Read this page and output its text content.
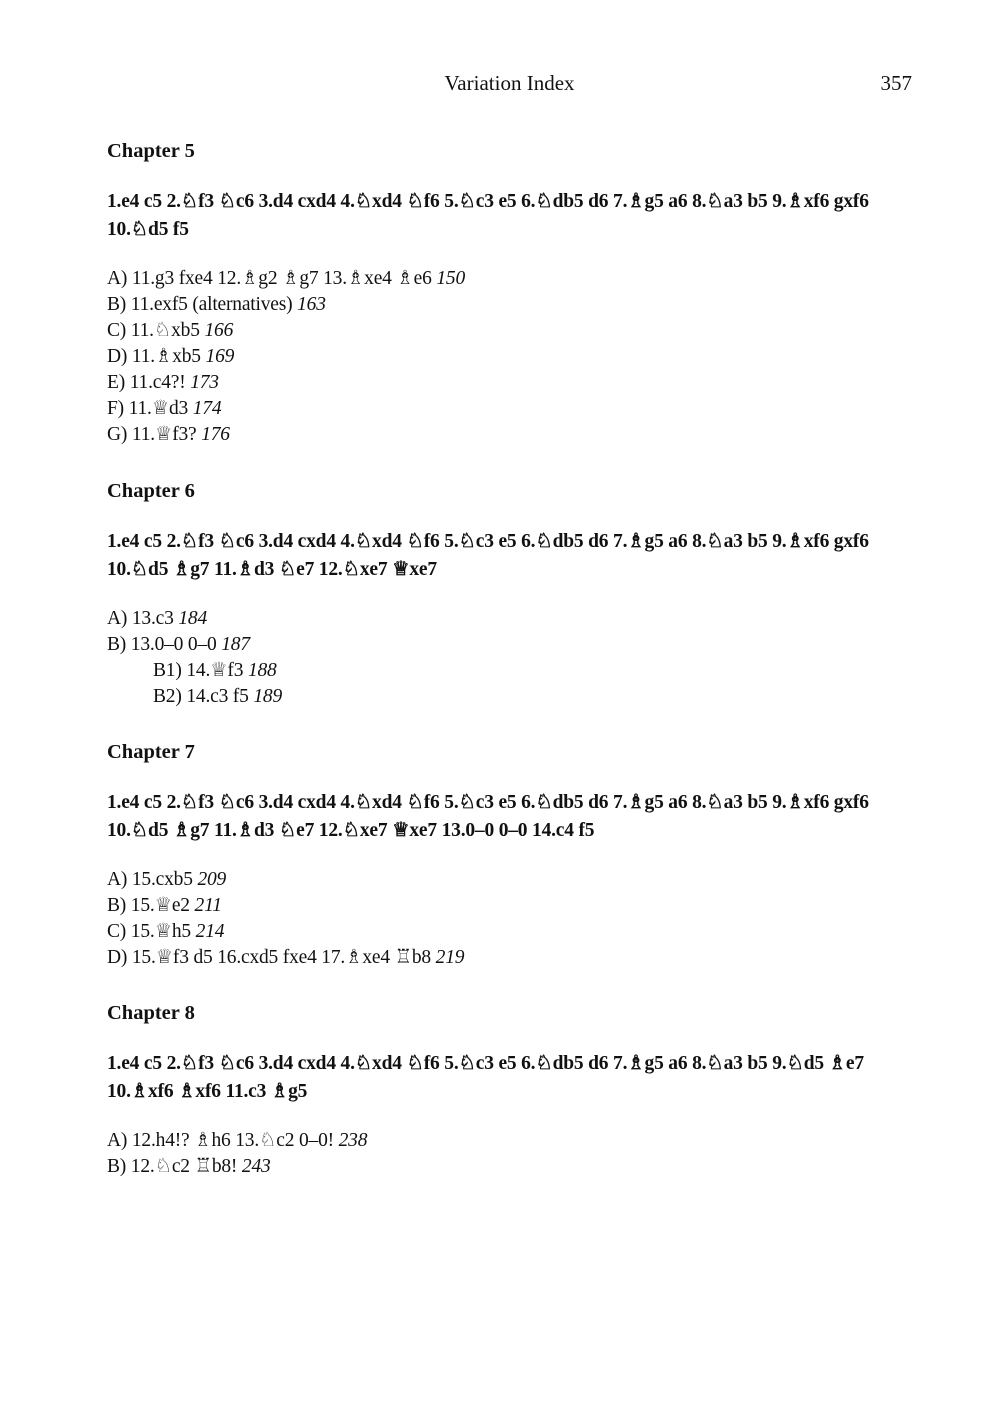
Variation Index	357
Chapter 5

1.e4 c5 2.♘f3 ♘c6 3.d4 cxd4 4.♘xd4 ♘f6 5.♘c3 e5 6.♘db5 d6 7.♗g5 a6 8.♘a3 b5 9.♗xf6 gxf6 10.♘d5 f5

A) 11.g3 fxe4 12.♗g2 ♗g7 13.♗xe4 ♗e6 150
B) 11.exf5 (alternatives) 163
C) 11.♘xb5 166
D) 11.♗xb5 169
E) 11.c4?! 173
F) 11.♕d3 174
G) 11.♕f3? 176
Chapter 6

1.e4 c5 2.♘f3 ♘c6 3.d4 cxd4 4.♘xd4 ♘f6 5.♘c3 e5 6.♘db5 d6 7.♗g5 a6 8.♘a3 b5 9.♗xf6 gxf6 10.♘d5 ♗g7 11.♗d3 ♘e7 12.♘xe7 ♕xe7

A) 13.c3 184
B) 13.0–0 0–0 187
B1) 14.♕f3 188
B2) 14.c3 f5 189
Chapter 7

1.e4 c5 2.♘f3 ♘c6 3.d4 cxd4 4.♘xd4 ♘f6 5.♘c3 e5 6.♘db5 d6 7.♗g5 a6 8.♘a3 b5 9.♗xf6 gxf6 10.♘d5 ♗g7 11.♗d3 ♘e7 12.♘xe7 ♕xe7 13.0–0 0–0 14.c4 f5

A) 15.cxb5 209
B) 15.♕e2 211
C) 15.♕h5 214
D) 15.♕f3 d5 16.cxd5 fxe4 17.♗xe4 ♖b8 219
Chapter 8

1.e4 c5 2.♘f3 ♘c6 3.d4 cxd4 4.♘xd4 ♘f6 5.♘c3 e5 6.♘db5 d6 7.♗g5 a6 8.♘a3 b5 9.♘d5 ♗e7 10.♗xf6 ♗xf6 11.c3 ♗g5

A) 12.h4!? ♗h6 13.♘c2 0–0! 238
B) 12.♘c2 ♖b8! 243
